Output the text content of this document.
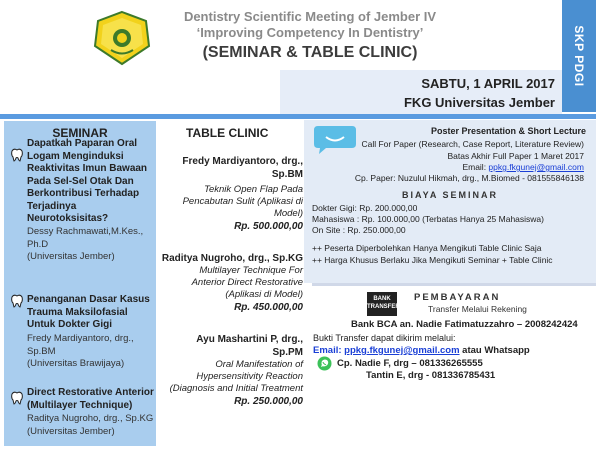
Dentistry Scientific Meeting of Jember IV
‘Improving Competency In Dentistry’
(SEMINAR & TABLE CLINIC)	SKP PDGI
SABTU, 1 APRIL 2017
FKG Universitas Jember
SEMINAR
Dapatkah Paparan Oral
Logam Menginduksi
Reaktivitas Imun Bawaan
Pada Sel-Sel Otak Dan
Berkontribusi Terhadap
Terjadinya
Neurotoksisitas?
Dessy Rachmawati,M.Kes.,
Ph.D
(Universitas Jember)
Penanganan Dasar Kasus
Trauma Maksilofasial
Untuk Dokter Gigi
Fredy Mardiyantoro, drg.,
Sp.BM
(Universitas Brawijaya)
Direct Restorative Anterior
(Multilayer Technique)
Raditya Nugroho, drg., Sp.KG
(Universitas Jember)
TABLE CLINIC
Fredy Mardiyantoro, drg.,
Sp.BM
Teknik Open Flap Pada
Pencabutan Sulit (Aplikasi di
Model)
Rp. 500.000,00
Raditya Nugroho, drg., Sp.KG
Multilayer Technique For
Anterior Direct Restorative
(Aplikasi di Model)
Rp. 450.000,00
Ayu Mashartini P, drg.,
Sp.PM
Oral Manifestation of
Hypersensitivity Reaction
(Diagnosis and Initial Treatment
Rp. 250.000,00
Poster Presentation & Short Lecture
Call For Paper (Research, Case Report, Literature Review)
Batas Akhir Full Paper 1 Maret 2017
Email: ppkg.fkgunej@gmail.com
Cp. Paper: Nuzulul Hikmah, drg., M.Biomed - 081555846138
BIAYA SEMINAR
Dokter Gigi: Rp. 200.000,00
Mahasiswa : Rp. 100.000,00 (Terbatas Hanya 25 Mahasiswa)
On Site : Rp. 250.000,00
++ Peserta Diperbolehkan Hanya Mengikuti Table Clinic Saja
++ Harga Khusus Berlaku Jika Mengikuti Seminar + Table Clinic
BANK
TRANSFER
PEMBAYARAN
Transfer Melalui Rekening
Bank BCA an. Nadie Fatimatuzzahro – 2008242424
Bukti Transfer dapat dikirim melalui:
Email: ppkg.fkgunej@gmail.com atau Whatsapp
Cp. Nadie F, drg – 081336265555
Tantin E, drg - 081336785431
